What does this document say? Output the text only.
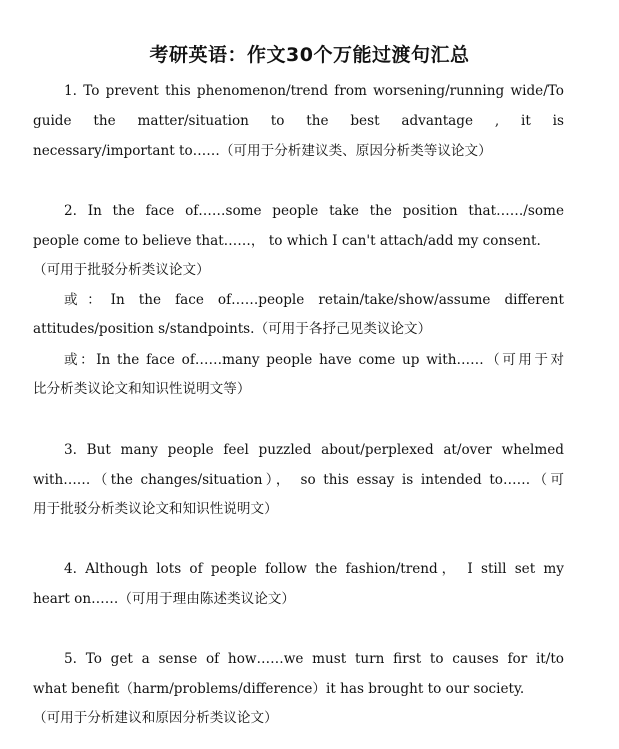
考研英语：作文30个万能过渡句汇总
1. To prevent this phenomenon/trend from worsening/running wide/To
guide the matter/situation to the best advantage , it is
necessary/important to……（可用于分析建议类、原因分析类等议论文）
2. In the face of……some people take the position that……/some
people come to believe that……， to which I can't attach/add my consent.
（可用于批驳分析类议论文）
或：In the face of……people retain/take/show/assume different
attitudes/position s/standpoints.（可用于各抒己见类议论文）
或：In the face of……many people have come up with……（可用于对
比分析类议论文和知识性说明文等）
3. But many people feel puzzled about/perplexed at/over whelmed
with……（the changes/situation）， so this essay is intended to……（可
用于批驳分析类议论文和知识性说明文）
4. Although lots of people follow the fashion/trend， I still set my
heart on……（可用于理由陈述类议论文）
5. To get a sense of how……we must turn first to causes for it/to
what benefit（harm/problems/difference）it has brought to our society.
（可用于分析建议和原因分析类议论文）
